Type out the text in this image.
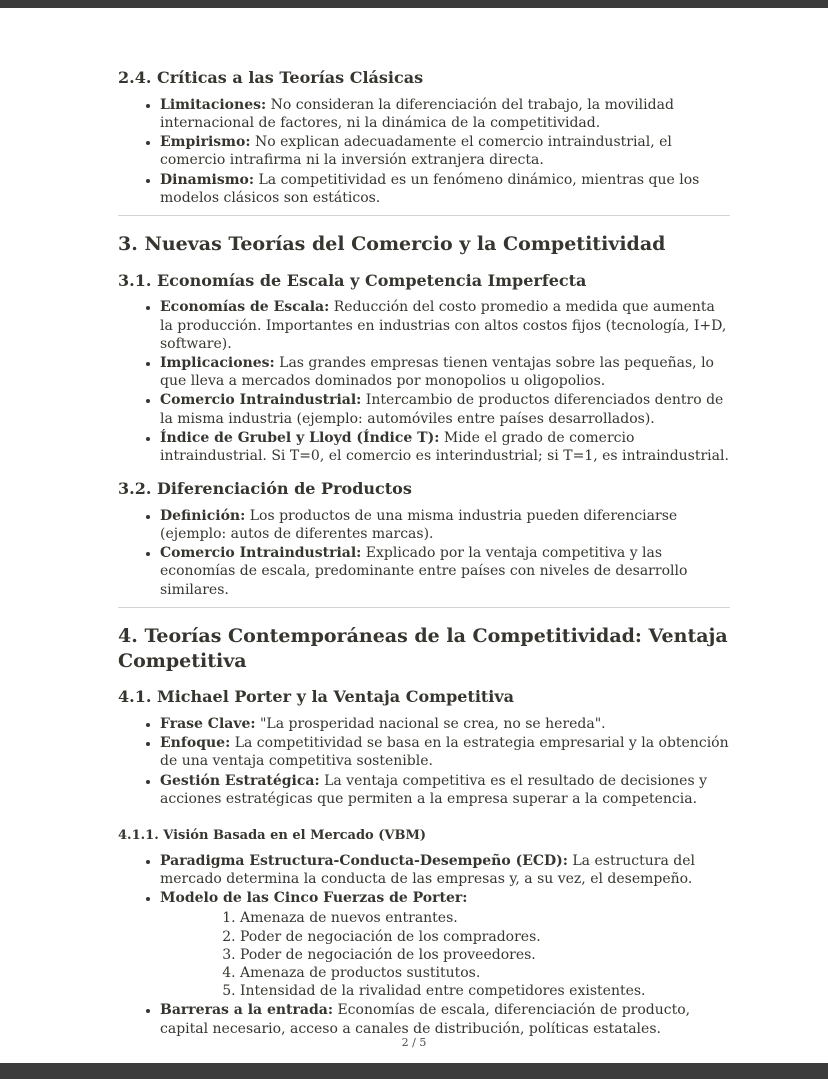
2.4. Críticas a las Teorías Clásicas
• Limitaciones: No consideran la diferenciación del trabajo, la movilidad internacional de factores, ni la dinámica de la competitividad.
• Empirismo: No explican adecuadamente el comercio intraindustrial, el comercio intrafirma ni la inversión extranjera directa.
• Dinamismo: La competitividad es un fenómeno dinámico, mientras que los modelos clásicos son estáticos.
3. Nuevas Teorías del Comercio y la Competitividad
3.1. Economías de Escala y Competencia Imperfecta
• Economías de Escala: Reducción del costo promedio a medida que aumenta la producción. Importantes en industrias con altos costos fijos (tecnología, I+D, software).
• Implicaciones: Las grandes empresas tienen ventajas sobre las pequeñas, lo que lleva a mercados dominados por monopolios u oligopolios.
• Comercio Intraindustrial: Intercambio de productos diferenciados dentro de la misma industria (ejemplo: automóviles entre países desarrollados).
• Índice de Grubel y Lloyd (Índice T): Mide el grado de comercio intraindustrial. Si T=0, el comercio es interindustrial; si T=1, es intraindustrial.
3.2. Diferenciación de Productos
• Definición: Los productos de una misma industria pueden diferenciarse (ejemplo: autos de diferentes marcas).
• Comercio Intraindustrial: Explicado por la ventaja competitiva y las economías de escala, predominante entre países con niveles de desarrollo similares.
4. Teorías Contemporáneas de la Competitividad: Ventaja Competitiva
4.1. Michael Porter y la Ventaja Competitiva
• Frase Clave: "La prosperidad nacional se crea, no se hereda".
• Enfoque: La competitividad se basa en la estrategia empresarial y la obtención de una ventaja competitiva sostenible.
• Gestión Estratégica: La ventaja competitiva es el resultado de decisiones y acciones estratégicas que permiten a la empresa superar a la competencia.
4.1.1. Visión Basada en el Mercado (VBM)
• Paradigma Estructura-Conducta-Desempeño (ECD): La estructura del mercado determina la conducta de las empresas y, a su vez, el desempeño.
• Modelo de las Cinco Fuerzas de Porter:
1. Amenaza de nuevos entrantes.
2. Poder de negociación de los compradores.
3. Poder de negociación de los proveedores.
4. Amenaza de productos sustitutos.
5. Intensidad de la rivalidad entre competidores existentes.
• Barreras a la entrada: Economías de escala, diferenciación de producto, capital necesario, acceso a canales de distribución, políticas estatales.
2 / 5
